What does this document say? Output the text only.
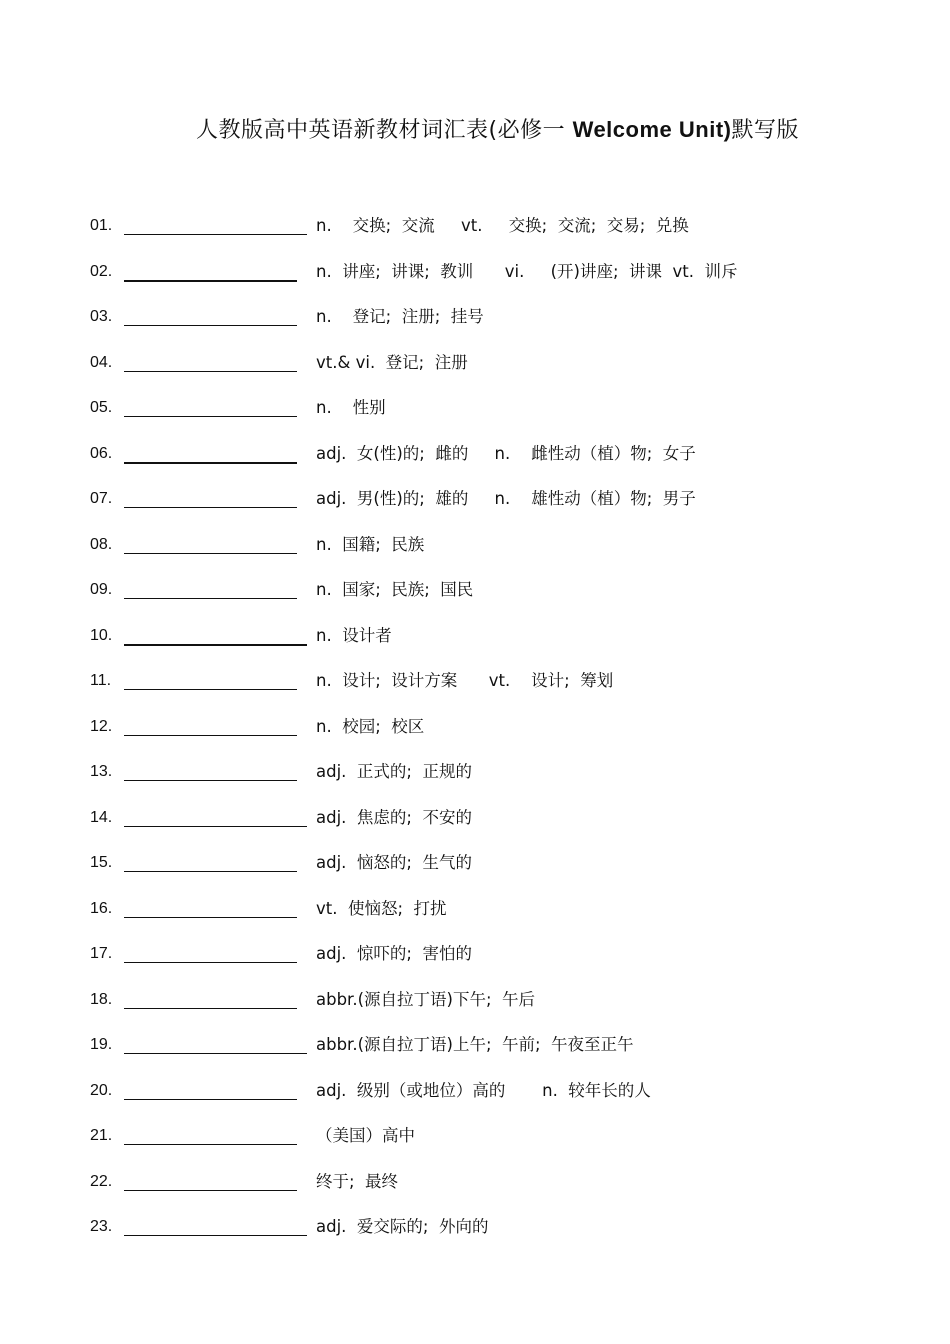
人教版高中英语新教材词汇表(必修一 Welcome Unit)默写版
01.	n.    交换;  交流     vt.     交换;  交流;  交易;  兑换
02.	n.  讲座;  讲课;  教训      vi.     (开)讲座;  讲课  vt.  训斥
03.	n.    登记;  注册;  挂号
04.	vt.& vi.  登记;  注册
05.	n.    性别
06.	adj.  女(性)的;  雌的     n.    雌性动（植）物;  女子
07.	adj.  男(性)的;  雄的     n.    雄性动（植）物;  男子
08.	n.  国籍;  民族
09.	n.  国家;  民族;  国民
10.	n.  设计者
11.	n.  设计;  设计方案      vt.    设计;  筹划
12.	n.  校园;  校区
13.	adj.  正式的;  正规的
14.	adj.  焦虑的;  不安的
15.	adj.  恼怒的;  生气的
16.	vt.  使恼怒;  打扰
17.	adj.  惊吓的;  害怕的
18.	abbr.(源自拉丁语)下午;  午后
19.	abbr.(源自拉丁语)上午;  午前;  午夜至正午
20.	adj.  级别（或地位）高的       n.  较年长的人
21.	（美国）高中
22.	终于;  最终
23.	adj.  爱交际的;  外向的
